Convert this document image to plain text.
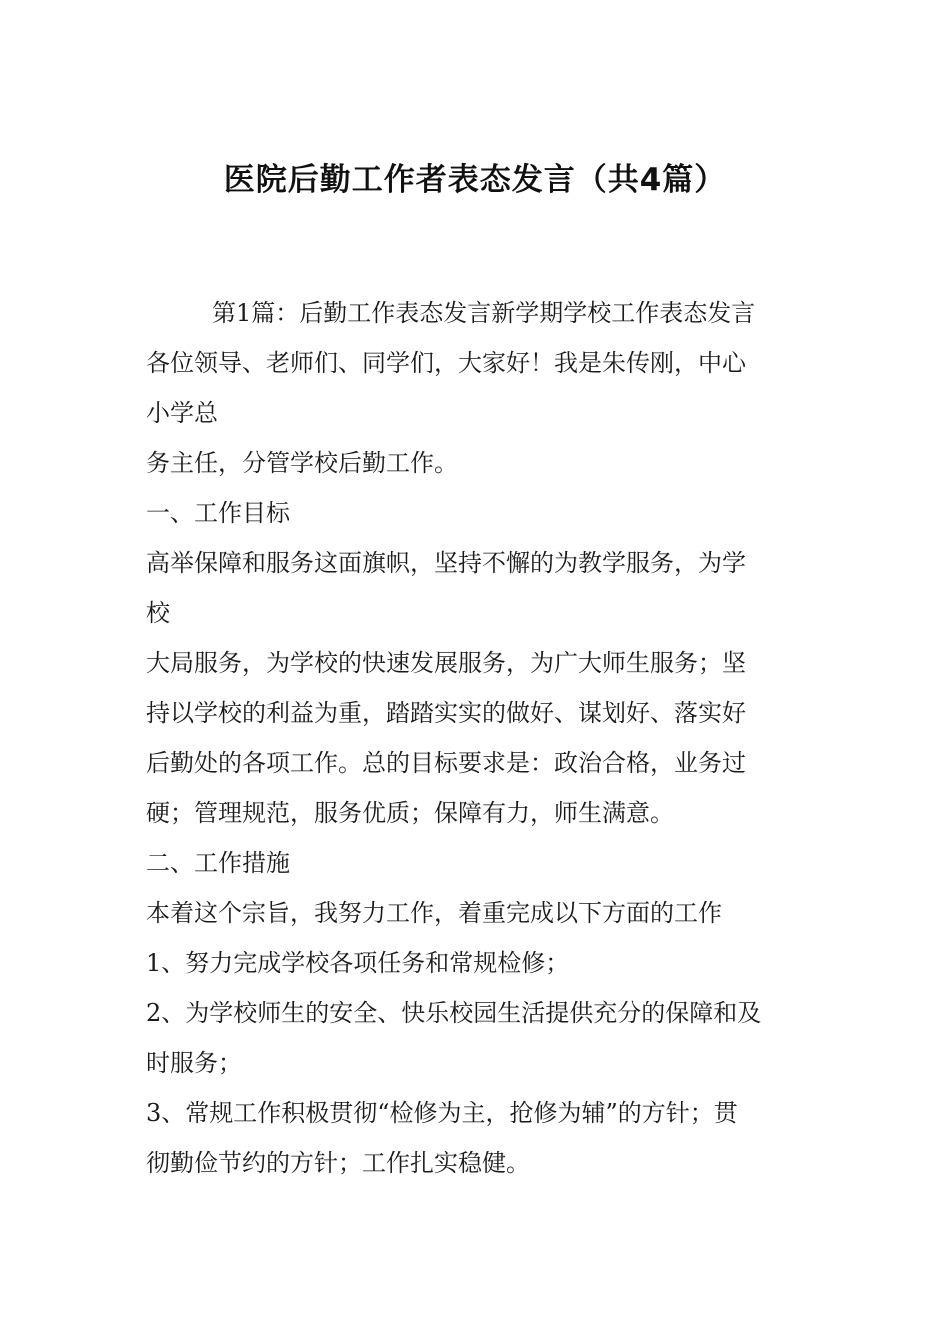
医院后勤工作者表态发言（共4篇）

第1篇：后勤工作表态发言新学期学校工作表态发言

各位领导、老师们、同学们，大家好！我是朱传刚，中心

小学总

务主任，分管学校后勤工作。

一、工作目标

高举保障和服务这面旗帜，坚持不懈的为教学服务，为学

校

大局服务，为学校的快速发展服务，为广大师生服务；坚

持以学校的利益为重，踏踏实实的做好、谋划好、落实好

后勤处的各项工作。总的目标要求是：政治合格，业务过

硬；管理规范，服务优质；保障有力，师生满意。

二、工作措施

本着这个宗旨，我努力工作，着重完成以下方面的工作

1、努力完成学校各项任务和常规检修；

2、为学校师生的安全、快乐校园生活提供充分的保障和及

时服务；

3、常规工作积极贯彻“检修为主，抢修为辅”的方针；贯

彻勤俭节约的方针；工作扎实稳健。
